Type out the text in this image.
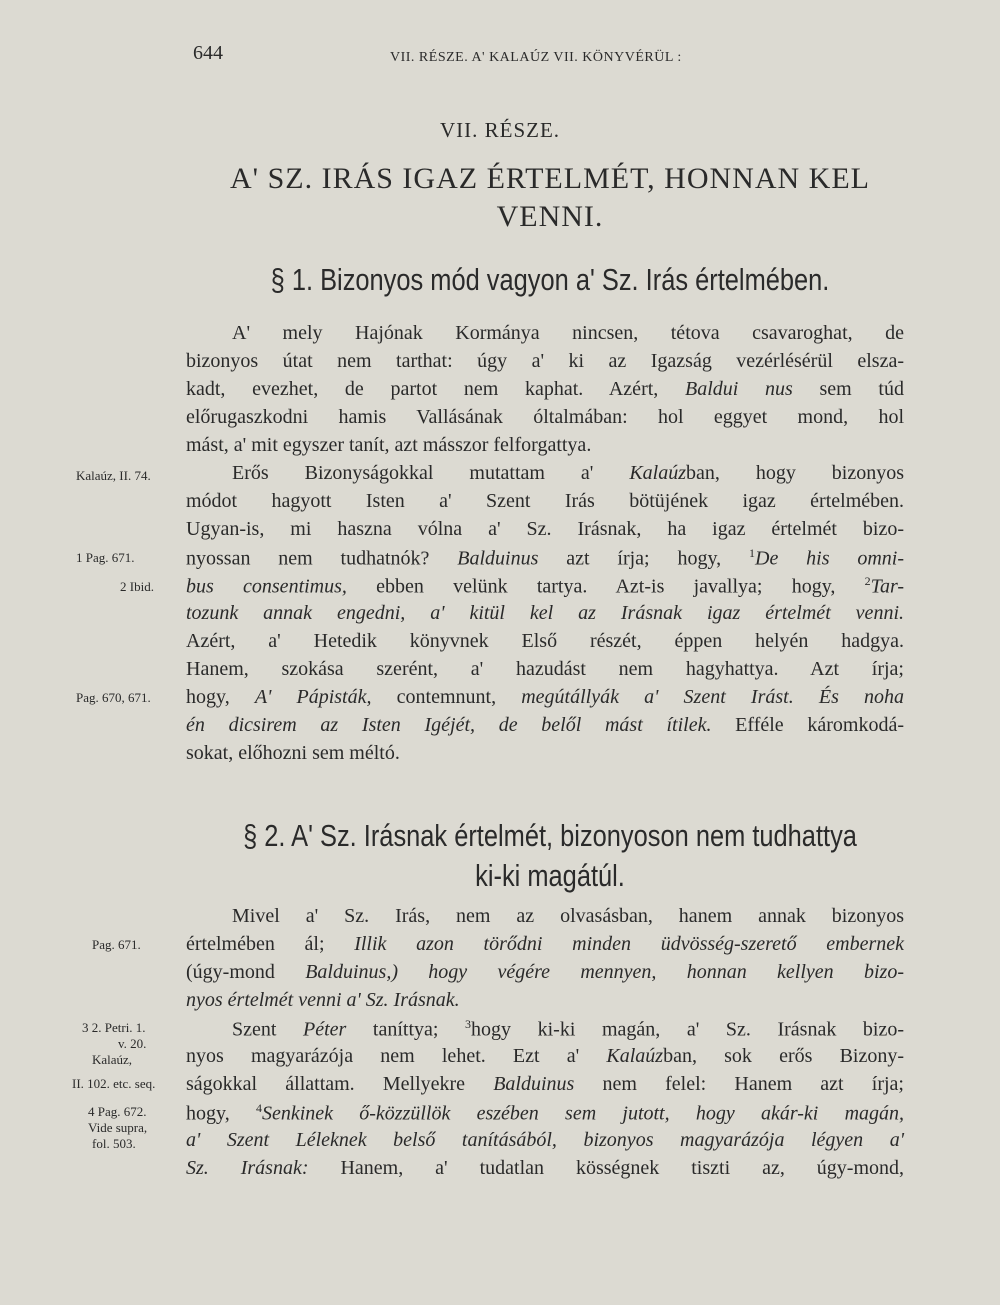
644	VII. RÉSZE. A' KALAÚZ VII. KÖNYVÉRÜL :
VII. RÉSZE.
A' SZ. IRÁS IGAZ ÉRTELMÉT, HONNAN KEL
VENNI.
§ 1. Bizonyos mód vagyon a' Sz. Irás értelmében.
A' mely Hajónak Kormánya nincsen, tétova csavaroghat, de
bizonyos útat nem tarthat: úgy a' ki az Igazság vezérlésérül elsza-
kadt, evezhet, de partot nem kaphat. Azért, Baldui nus sem túd
előrugaszkodni hamis Vallásának óltalmában: hol eggyet mond, hol
mást, a' mit egyszer tanít, azt másszor felforgattya.
Erős Bizonyságokkal mutattam a' Kalaúzban, hogy bizonyos
módot hagyott Isten a' Szent Irás bötüjének igaz értelmében.
Ugyan-is, mi haszna vólna a' Sz. Irásnak, ha igaz értelmét bizo-
nyossan nem tudhatnók? Balduinus azt írja; hogy, $^1$De his omni-
bus consentimus, ebben velünk tartya. Azt-is javallya; hogy, $^2$Tar-
tozunk annak engedni, a' kitül kel az Irásnak igaz értelmét venni.
Azért, a' Hetedik könyvnek Első részét, éppen helyén hadgya.
Hanem, szokása szerént, a' hazudást nem hagyhattya. Azt írja;
hogy, A' Pápisták, contemnunt, megútállyák a' Szent Irást. És noha
én dicsirem az Isten Igéjét, de belől mást ítilek. Efféle káromkodá-
sokat, előhozni sem méltó.
Kalaúz, II. 74.
1 Pag. 671.
2 Ibid.
Pag. 670, 671.
§ 2. A' Sz. Irásnak értelmét, bizonyoson nem tudhattya
ki-ki magátúl.
Mivel a' Sz. Irás, nem az olvasásban, hanem annak bizonyos
értelmében ál; Illik azon törődni minden üdvösség-szerető embernek
(úgy-mond Balduinus,) hogy végére mennyen, honnan kellyen bizo-
nyos értelmét venni a' Sz. Irásnak.
Szent Péter taníttya; $^3$hogy ki-ki magán, a' Sz. Irásnak bizo-
nyos magyarázója nem lehet. Ezt a' Kalaúzban, sok erős Bizony-
ságokkal állattam. Mellyekre Balduinus nem felel: Hanem azt írja;
hogy, $^4$Senkinek ő-közzüllök eszében sem jutott, hogy akár-ki magán,
a' Szent Léleknek belső tanításából, bizonyos magyarázója légyen a'
Sz. Irásnak: Hanem, a' tudatlan kösségnek tiszti az, úgy-mond,
Pag. 671.
3 2. Petri. 1.
v. 20.
Kalaúz,
II. 102. etc. seq.
4 Pag. 672.
Vide supra,
fol. 503.
